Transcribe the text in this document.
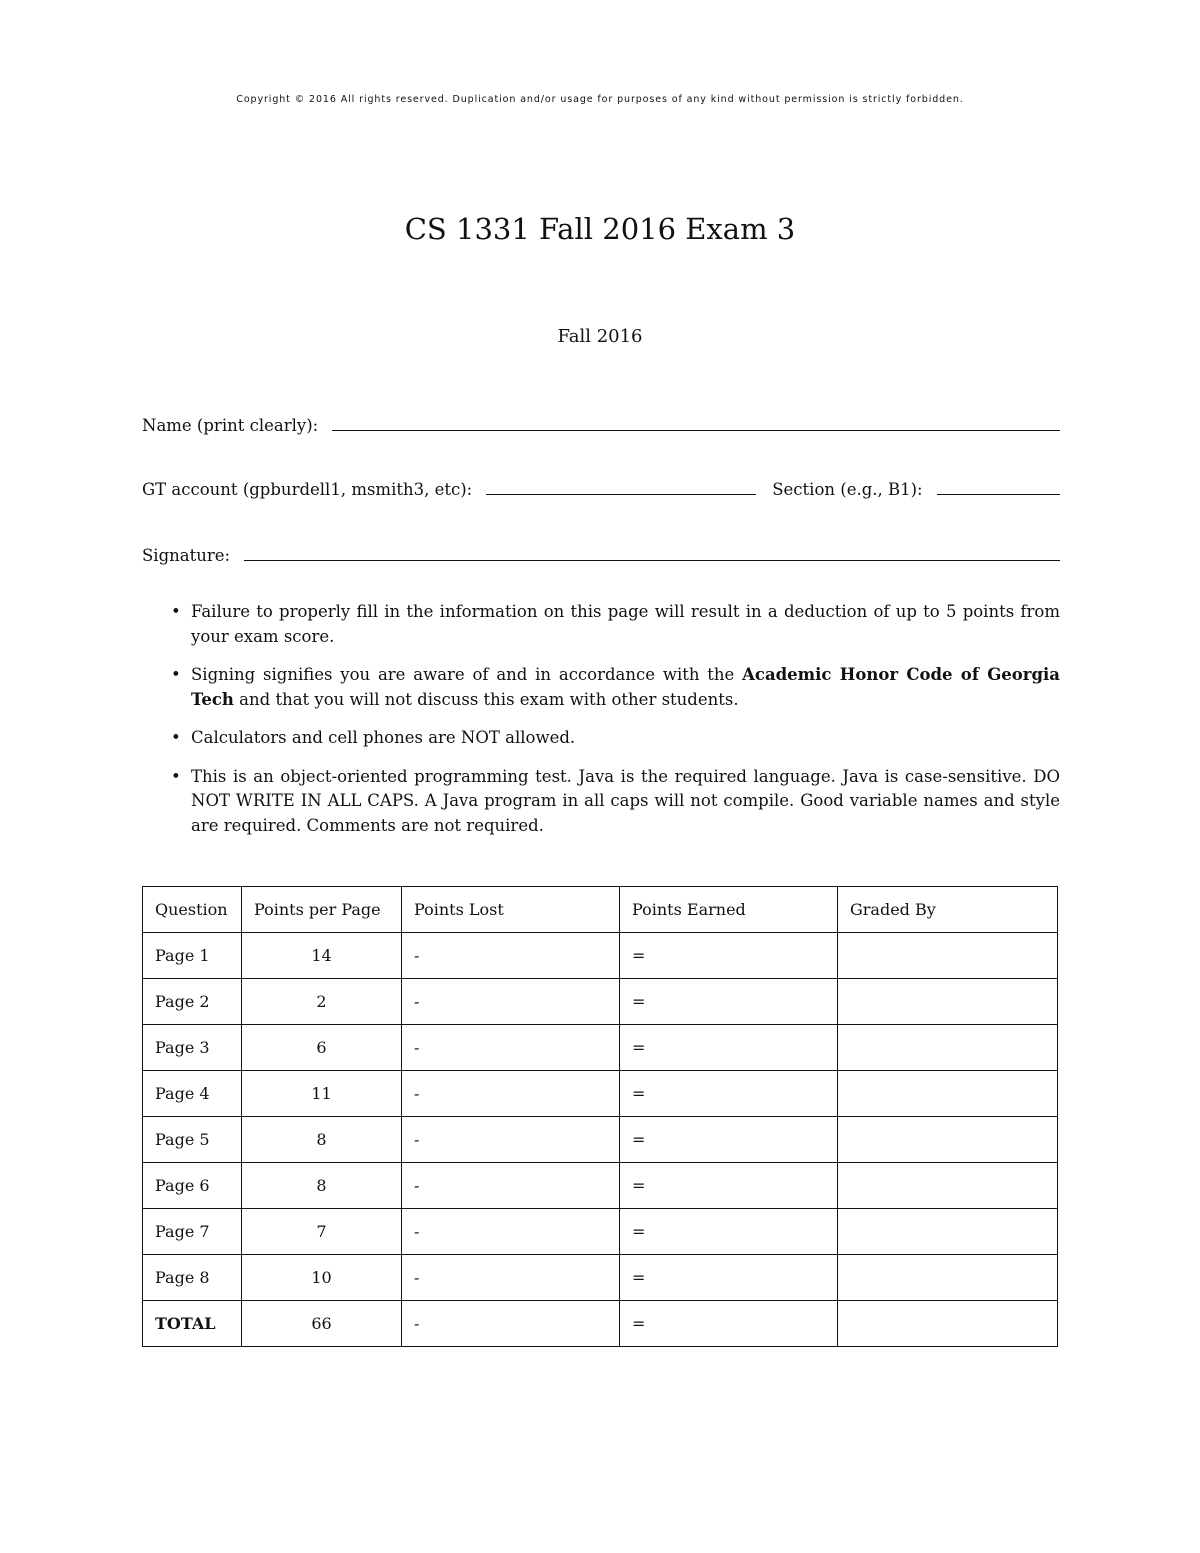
Copyright © 2016 All rights reserved. Duplication and/or usage for purposes of any kind without permission is strictly forbidden.
CS 1331 Fall 2016 Exam 3
Fall 2016
Name (print clearly):
GT account (gpburdell1, msmith3, etc):	Section (e.g., B1):
Signature:
• Failure to properly fill in the information on this page will result in a deduction of up to 5 points from your exam score.
• Signing signifies you are aware of and in accordance with the Academic Honor Code of Georgia Tech and that you will not discuss this exam with other students.
• Calculators and cell phones are NOT allowed.
• This is an object-oriented programming test. Java is the required language. Java is case-sensitive. DO NOT WRITE IN ALL CAPS. A Java program in all caps will not compile. Good variable names and style are required. Comments are not required.
Question	Points per Page	Points Lost	Points Earned	Graded By
Page 1	14	-	=	
Page 2	2	-	=	
Page 3	6	-	=	
Page 4	11	-	=	
Page 5	8	-	=	
Page 6	8	-	=	
Page 7	7	-	=	
Page 8	10	-	=	
TOTAL	66	-	=	
